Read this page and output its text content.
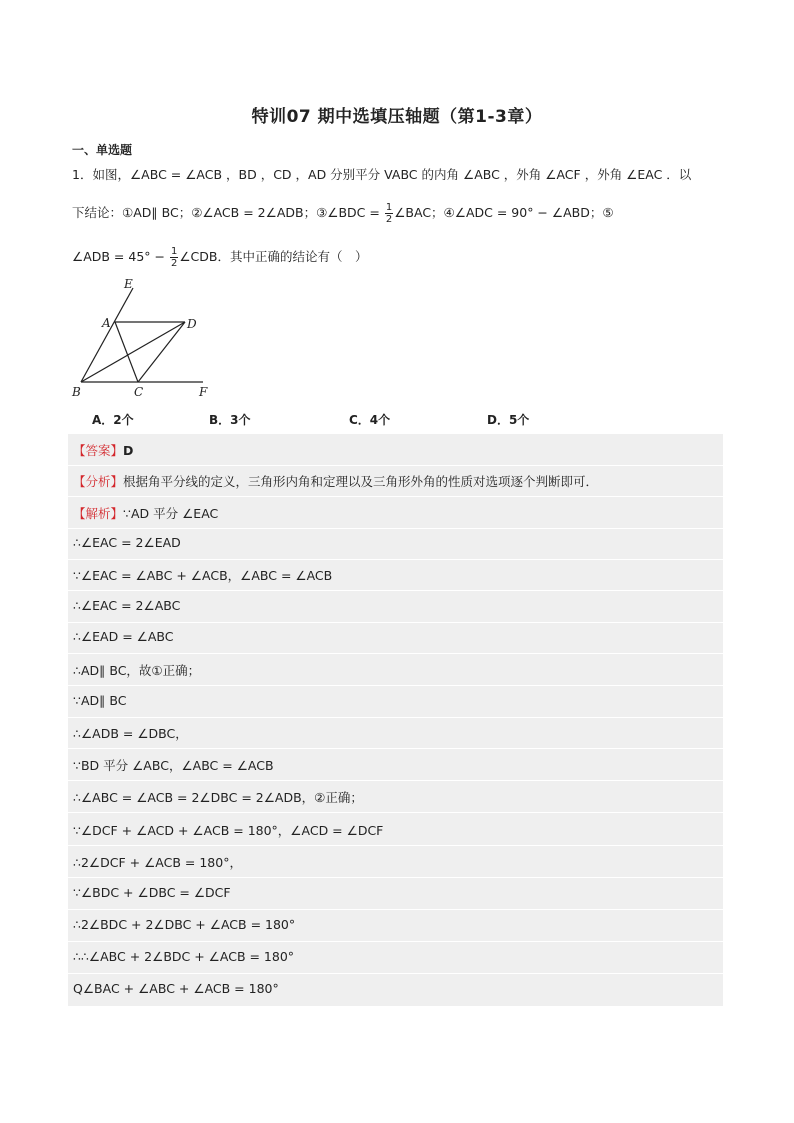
特训07 期中选填压轴题（第1-3章）
一、单选题
1．如图，∠ABC = ∠ACB ，BD ，CD ，AD 分别平分 VABC 的内角 ∠ABC ，外角 ∠ACF ，外角 ∠EAC ．以
下结论：①AD∥ BC；②∠ACB = 2∠ADB；③∠BDC = $\frac{1}{2}$ ∠BAC；④∠ADC = 90° − ∠ABD；⑤
∠ADB = $45^\circ - \frac{1}{2}$ ∠CDB．其中正确的结论有（　）
E
A	D
B	C	F
A．2个	B．3个	C．4个	D．5个
【答案】D
【分析】根据角平分线的定义，三角形内角和定理以及三角形外角的性质对选项逐个判断即可．
【解析】∵AD 平分 ∠EAC
∴∠EAC = 2∠EAD
∵∠EAC = ∠ABC + ∠ACB，∠ABC = ∠ACB
∴∠EAC = 2∠ABC
∴∠EAD = ∠ABC
∴AD∥ BC，故①正确；
∵AD∥ BC
∴∠ADB = ∠DBC，
∵BD 平分 ∠ABC，∠ABC = ∠ACB
∴∠ABC = ∠ACB = 2∠DBC = 2∠ADB，②正确；
∵∠DCF + ∠ACD + ∠ACB = 180°，∠ACD = ∠DCF
∴2∠DCF + ∠ACB = 180°，
∵∠BDC + ∠DBC = ∠DCF
∴2∠BDC + 2∠DBC + ∠ACB = 180°
∴∴∠ABC + 2∠BDC + ∠ACB = 180°
Q∠BAC + ∠ABC + ∠ACB = 180°
